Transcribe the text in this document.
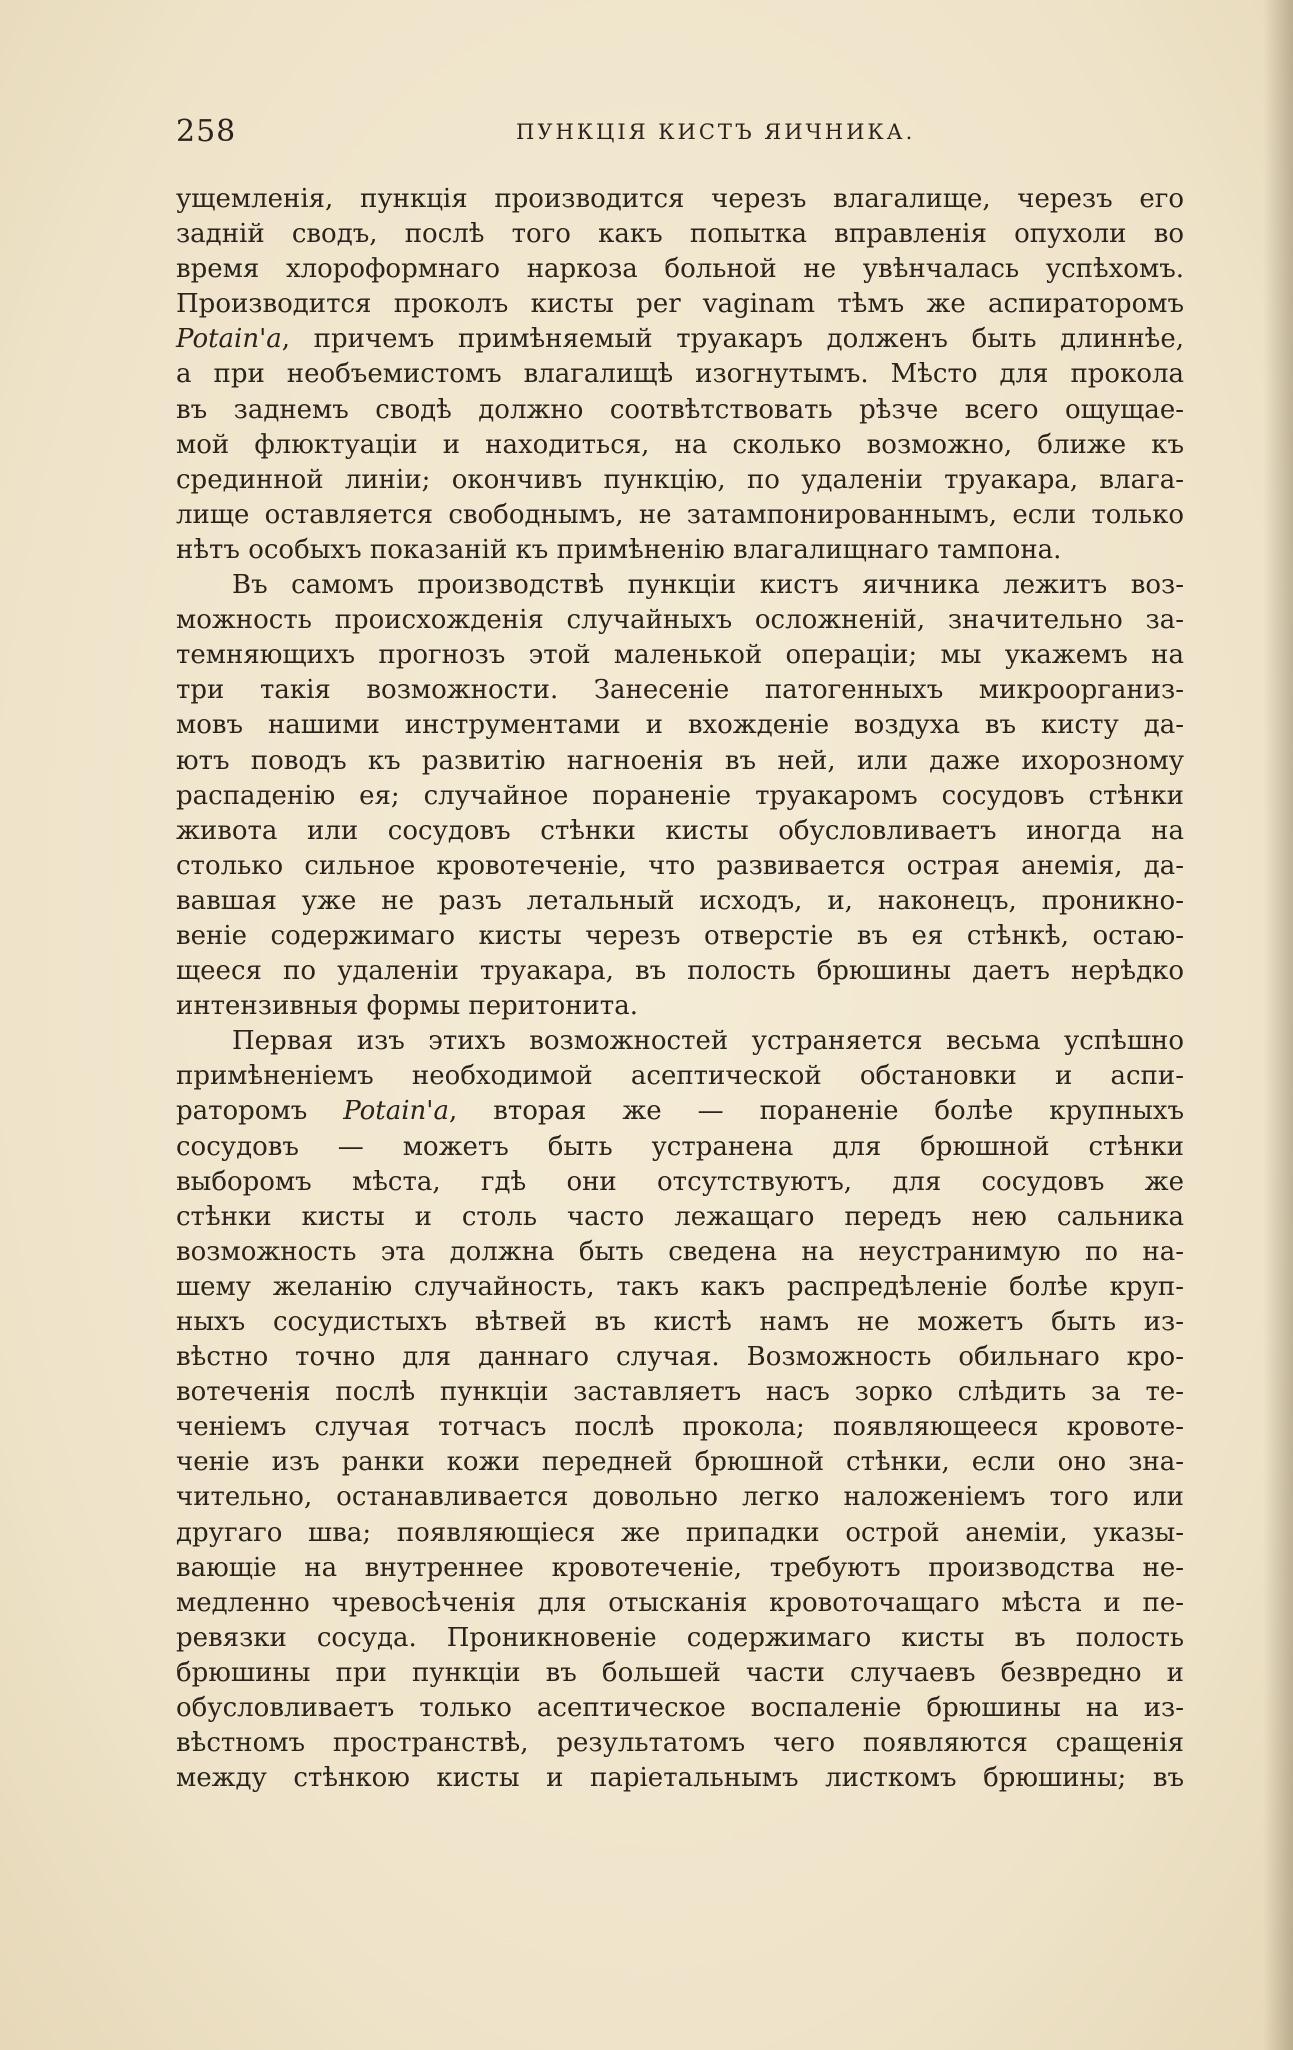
258	ПУНКЦІЯ КИСТЪ ЯИЧНИКА.
ущемленія, пункція производится черезъ влагалище, черезъ его
задній сводъ, послѣ того какъ попытка вправленія опухоли во
время хлороформнаго наркоза больной не увѣнчалась успѣхомъ.
Производится проколъ кисты per vaginam тѣмъ же аспираторомъ
Potain'a, причемъ примѣняемый труакаръ долженъ быть длиннѣе,
а при необъемистомъ влагалищѣ изогнутымъ. Мѣсто для прокола
въ заднемъ сводѣ должно соотвѣтствовать рѣзче всего ощущае-
мой флюктуаціи и находиться, на сколько возможно, ближе къ
срединной линіи; окончивъ пункцію, по удаленіи труакара, влага-
лище оставляется свободнымъ, не затампонированнымъ, если только
нѣтъ особыхъ показаній къ примѣненію влагалищнаго тампона.
Въ самомъ производствѣ пункціи кистъ яичника лежитъ воз-
можность происхожденія случайныхъ осложненій, значительно за-
темняющихъ прогнозъ этой маленькой операціи; мы укажемъ на
три такія возможности. Занесеніе патогенныхъ микроорганиз-
мовъ нашими инструментами и вхожденіе воздуха въ кисту да-
ютъ поводъ къ развитію нагноенія въ ней, или даже ихорозному
распаденію ея; случайное пораненіе труакаромъ сосудовъ стѣнки
живота или сосудовъ стѣнки кисты обусловливаетъ иногда на
столько сильное кровотеченіе, что развивается острая анемія, да-
вавшая уже не разъ летальный исходъ, и, наконецъ, проникно-
веніе содержимаго кисты черезъ отверстіе въ ея стѣнкѣ, остаю-
щееся по удаленіи труакара, въ полость брюшины даетъ нерѣдко
интензивныя формы перитонита.
Первая изъ этихъ возможностей устраняется весьма успѣшно
примѣненіемъ необходимой асептической обстановки и аспи-
раторомъ Potain'a, вторая же — пораненіе болѣе крупныхъ
сосудовъ — можетъ быть устранена для брюшной стѣнки
выборомъ мѣста, гдѣ они отсутствуютъ, для сосудовъ же
стѣнки кисты и столь часто лежащаго передъ нею сальника
возможность эта должна быть сведена на неустранимую по на-
шему желанію случайность, такъ какъ распредѣленіе болѣе круп-
ныхъ сосудистыхъ вѣтвей въ кистѣ намъ не можетъ быть из-
вѣстно точно для даннаго случая. Возможность обильнаго кро-
вотеченія послѣ пункціи заставляетъ насъ зорко слѣдить за те-
ченіемъ случая тотчасъ послѣ прокола; появляющееся кровоте-
ченіе изъ ранки кожи передней брюшной стѣнки, если оно зна-
чительно, останавливается довольно легко наложеніемъ того или
другаго шва; появляющіеся же припадки острой анеміи, указы-
вающіе на внутреннее кровотеченіе, требуютъ производства не-
медленно чревосѣченія для отысканія кровоточащаго мѣста и пе-
ревязки сосуда. Проникновеніе содержимаго кисты въ полость
брюшины при пункціи въ большей части случаевъ безвредно и
обусловливаетъ только асептическое воспаленіе брюшины на из-
вѣстномъ пространствѣ, результатомъ чего появляются сращенія
между стѣнкою кисты и паріетальнымъ листкомъ брюшины; въ
